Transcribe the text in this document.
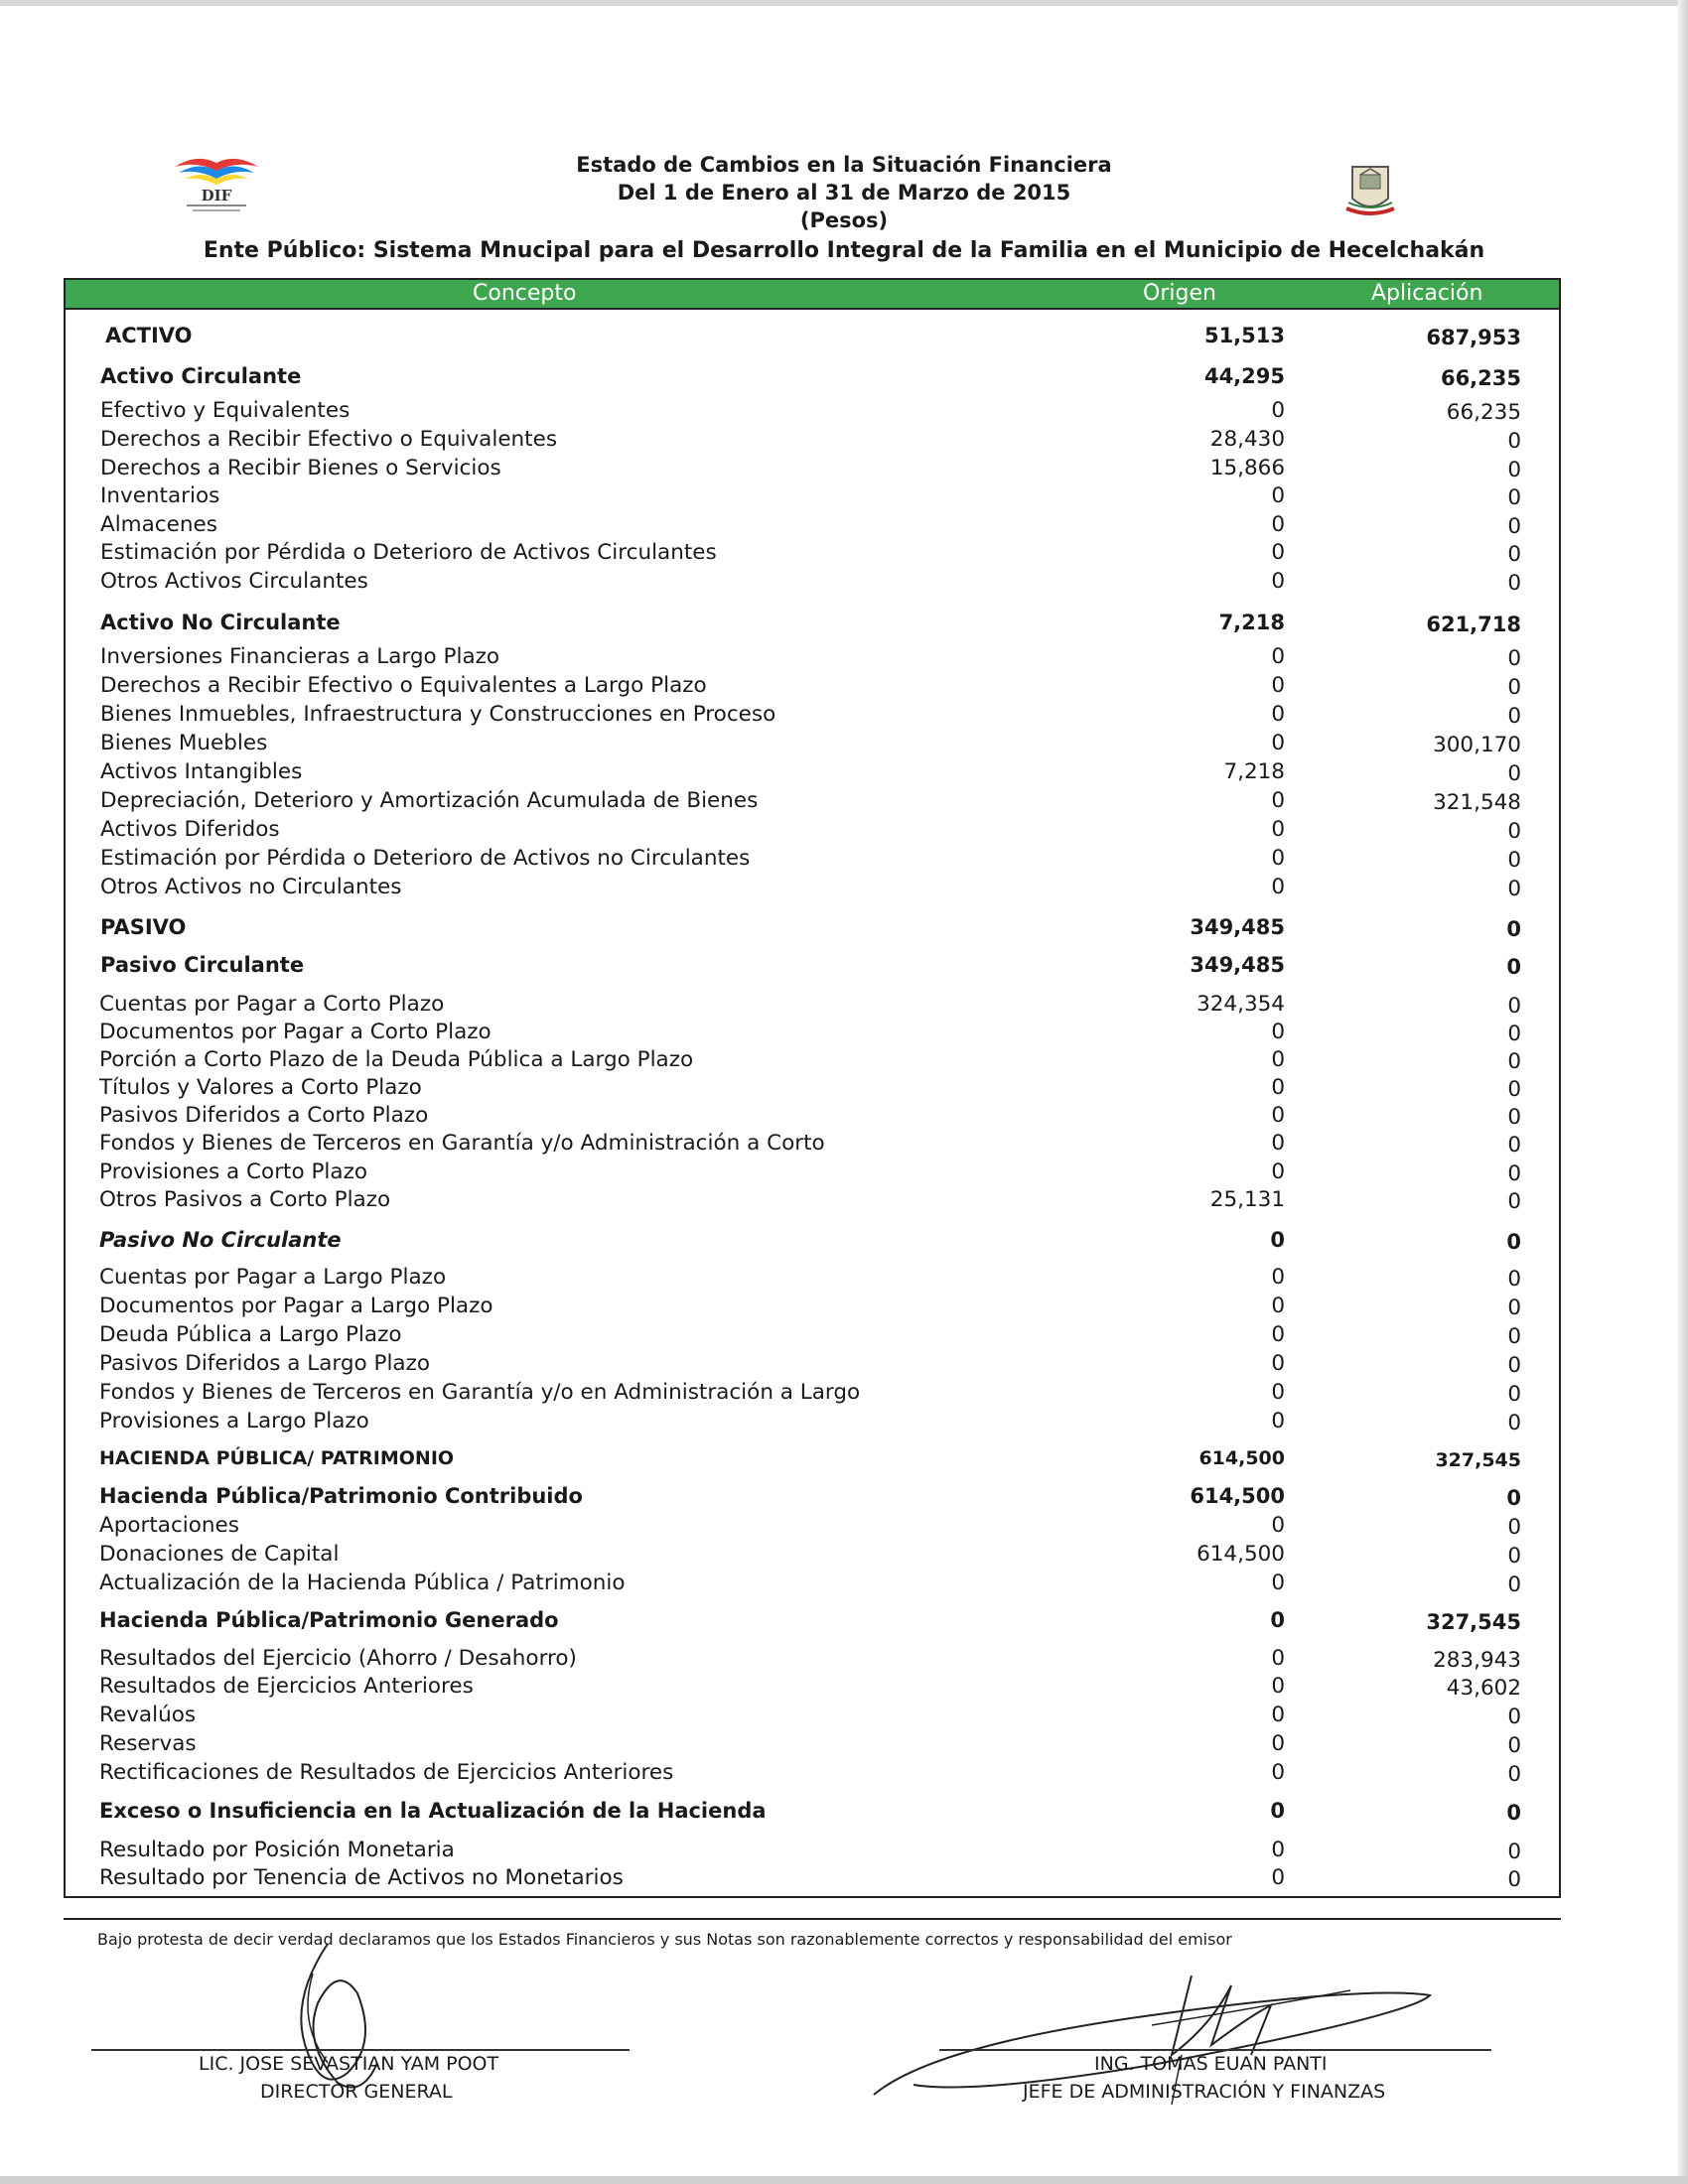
DIF
Estado de Cambios en la Situación Financiera
Del 1 de Enero al 31 de Marzo de 2015
(Pesos)
Ente Público: Sistema Mnucipal para el Desarrollo Integral de la Familia en el Municipio de Hecelchakán
Concepto	Origen	Aplicación
ACTIVO	51,513	687,953
Activo Circulante	44,295	66,235
Efectivo y Equivalentes	0	66,235
Derechos a Recibir Efectivo o Equivalentes	28,430	0
Derechos a Recibir Bienes o Servicios	15,866	0
Inventarios	0	0
Almacenes	0	0
Estimación por Pérdida o Deterioro de Activos Circulantes	0	0
Otros Activos Circulantes	0	0
Activo No Circulante	7,218	621,718
Inversiones Financieras a Largo Plazo	0	0
Derechos a Recibir Efectivo o Equivalentes a Largo Plazo	0	0
Bienes Inmuebles, Infraestructura y Construcciones en Proceso	0	0
Bienes Muebles	0	300,170
Activos Intangibles	7,218	0
Depreciación, Deterioro y Amortización Acumulada de Bienes	0	321,548
Activos Diferidos	0	0
Estimación por Pérdida o Deterioro de Activos no Circulantes	0	0
Otros Activos no Circulantes	0	0
PASIVO	349,485	0
Pasivo Circulante	349,485	0
Cuentas por Pagar a Corto Plazo	324,354	0
Documentos por Pagar a Corto Plazo	0	0
Porción a Corto Plazo de la Deuda Pública a Largo Plazo	0	0
Títulos y Valores a Corto Plazo	0	0
Pasivos Diferidos a Corto Plazo	0	0
Fondos y Bienes de Terceros en Garantía y/o Administración a Corto	0	0
Provisiones a Corto Plazo	0	0
Otros Pasivos a Corto Plazo	25,131	0
Pasivo No Circulante	0	0
Cuentas por Pagar a Largo Plazo	0	0
Documentos por Pagar a Largo Plazo	0	0
Deuda Pública a Largo Plazo	0	0
Pasivos Diferidos a Largo Plazo	0	0
Fondos y Bienes de Terceros en Garantía y/o en Administración a Largo	0	0
Provisiones a Largo Plazo	0	0
HACIENDA PÚBLICA/ PATRIMONIO	614,500	327,545
Hacienda Pública/Patrimonio Contribuido	614,500	0
Aportaciones	0	0
Donaciones de Capital	614,500	0
Actualización de la Hacienda Pública / Patrimonio	0	0
Hacienda Pública/Patrimonio Generado	0	327,545
Resultados del Ejercicio (Ahorro / Desahorro)	0	283,943
Resultados de Ejercicios Anteriores	0	43,602
Revalúos	0	0
Reservas	0	0
Rectificaciones de Resultados de Ejercicios Anteriores	0	0
Exceso o Insuficiencia en la Actualización de la Hacienda	0	0
Resultado por Posición Monetaria	0	0
Resultado por Tenencia de Activos no Monetarios	0	0
Bajo protesta de decir verdad declaramos que los Estados Financieros y sus Notas son razonablemente correctos y responsabilidad del emisor
LIC. JOSE SEVASTIAN YAM POOT
DIRECTOR GENERAL
ING. TOMAS EUAN PANTI
JEFE DE ADMINISTRACIÓN Y FINANZAS
